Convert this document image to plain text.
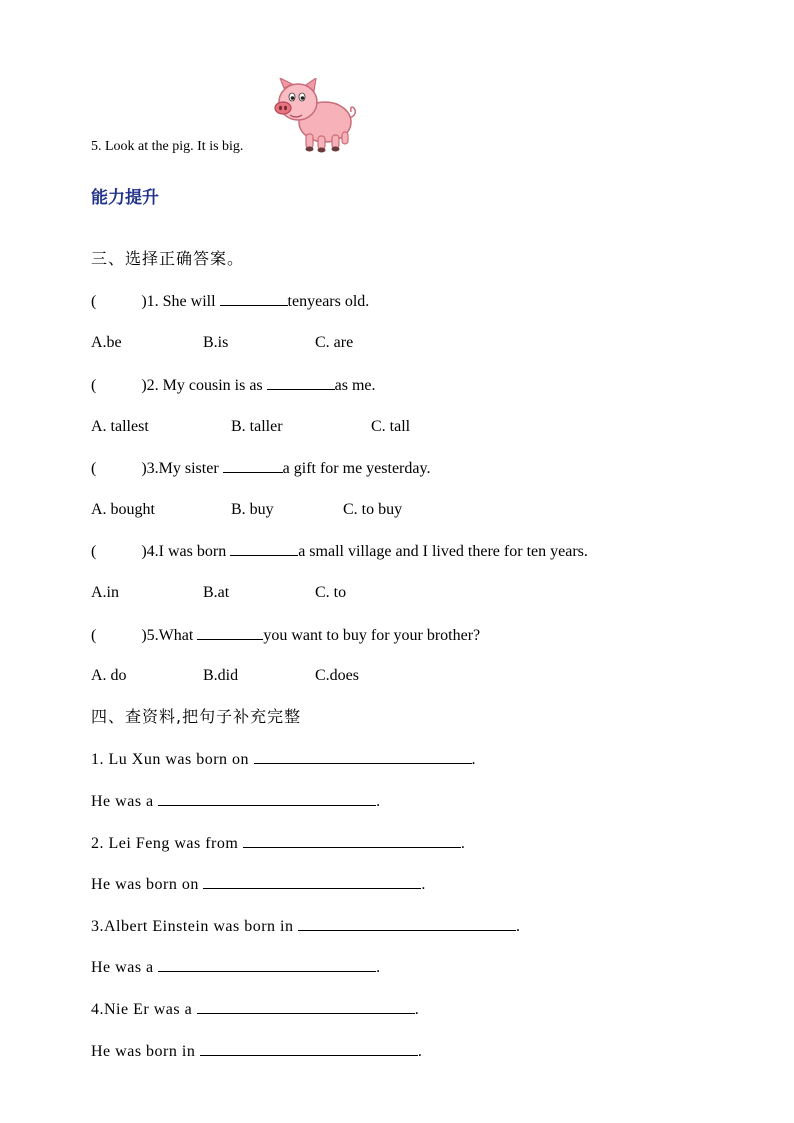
5. Look at the pig. It is big.
能力提升
三、选择正确答案。
(	)1. She will	tenyears old.
A.be	B.is	C. are
(	)2. My cousin is as	as me.
A. tallest	B. taller	C. tall
(	)3.My sister	a gift for me yesterday.
A. bought	B. buy	C. to buy
(	)4.I was born	a small village and I lived there for ten years.
A.in	B.at	C. to
(	)5.What	you want to buy for your brother?
A. do	B.did	C.does
四、查资料,把句子补充完整
1. Lu Xun was born on	.
He was a	.
2. Lei Feng was from	.
He was born on	.
3.Albert Einstein was born in	.
He was a	.
4.Nie Er was a	.
He was born in	.
